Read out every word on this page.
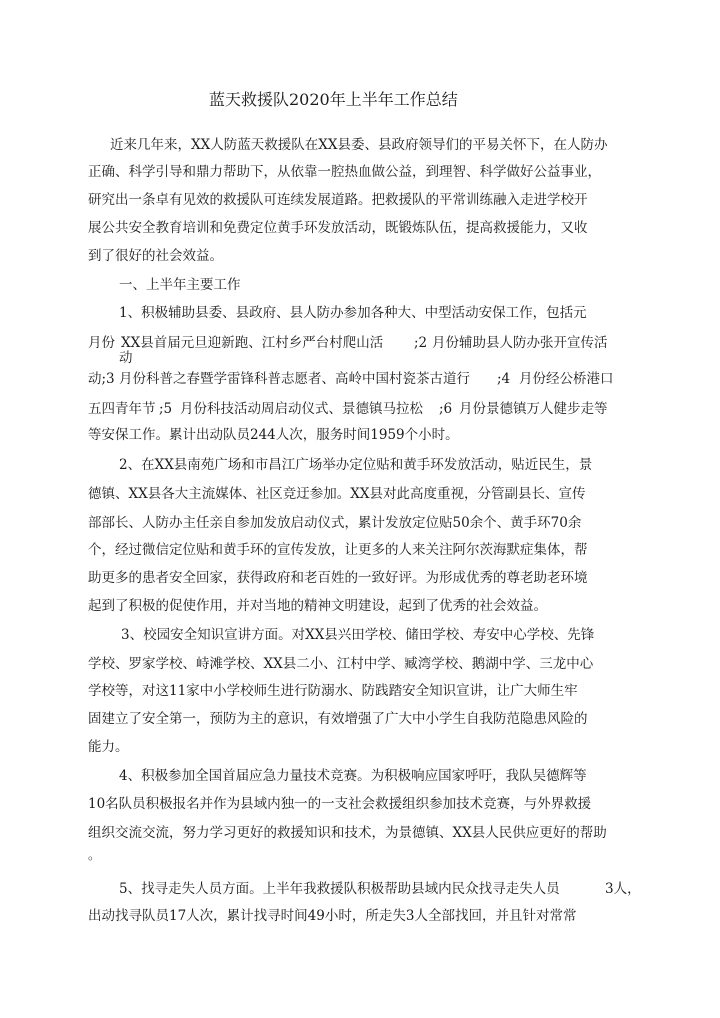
蓝天救援队2020年上半年工作总结
近来几年来，XX人防蓝天救援队在XX县委、县政府领导们的平易关怀下，在人防办
正确、科学引导和鼎力帮助下，从依靠一腔热血做公益，到理智、科学做好公益事业，
研究出一条卓有见效的救援队可连续发展道路。把救援队的平常训练融入走进学校开
展公共安全教育培训和免费定位黄手环发放活动，既锻炼队伍，提高救援能力，又收
到了很好的社会效益。
一、上半年主要工作
1、积极辅助县委、县政府、县人防办参加各种大、中型活动安保工作，包括元
月份 XX县首届元旦迎新跑、江村乡严台村爬山活 ;2 月份辅助县人防办张开宣传活
动
动;3 月份科普之春暨学雷锋科普志愿者、高岭中国村瓷茶古道行 ;4 月份经公桥港口
五四青年节 ;5 月份科技活动周启动仪式、景德镇马拉松 ;6 月份景德镇万人健步走等
等安保工作。累计出动队员244人次，服务时间1959个小时。
2、在XX县南苑广场和市昌江广场举办定位贴和黄手环发放活动，贴近民生，景
德镇、XX县各大主流媒体、社区竞迂参加。XX县对此高度重视，分管副县长、宣传
部部长、人防办主任亲自参加发放启动仪式，累计发放定位贴50余个、黄手环70余
个，经过微信定位贴和黄手环的宣传发放，让更多的人来关注阿尔茨海默症集体，帮
助更多的患者安全回家，获得政府和老百姓的一致好评。为形成优秀的尊老助老环境
起到了积极的促使作用，并对当地的精神文明建设，起到了优秀的社会效益。
3、校园安全知识宣讲方面。对XX县兴田学校、储田学校、寿安中心学校、先锋
学校、罗家学校、峙滩学校、XX县二小、江村中学、臧湾学校、鹅湖中学、三龙中心
学校等，对这11家中小学校师生进行防溺水、防践踏安全知识宣讲，让广大师生牢
固建立了安全第一，预防为主的意识，有效增强了广大中小学生自我防范隐患风险的
能力。
4、积极参加全国首届应急力量技术竞赛。为积极响应国家呼吁，我队吴德辉等
10名队员积极报名并作为县域内独一的一支社会救援组织参加技术竞赛，与外界救援
组织交流交流，努力学习更好的救援知识和技术，为景德镇、XX县人民供应更好的帮助
。
5、找寻走失人员方面。上半年我救援队积极帮助县域内民众找寻走失人员	3人，
出动找寻队员17人次，累计找寻时间49小时，所走失3人全部找回，并且针对常常
